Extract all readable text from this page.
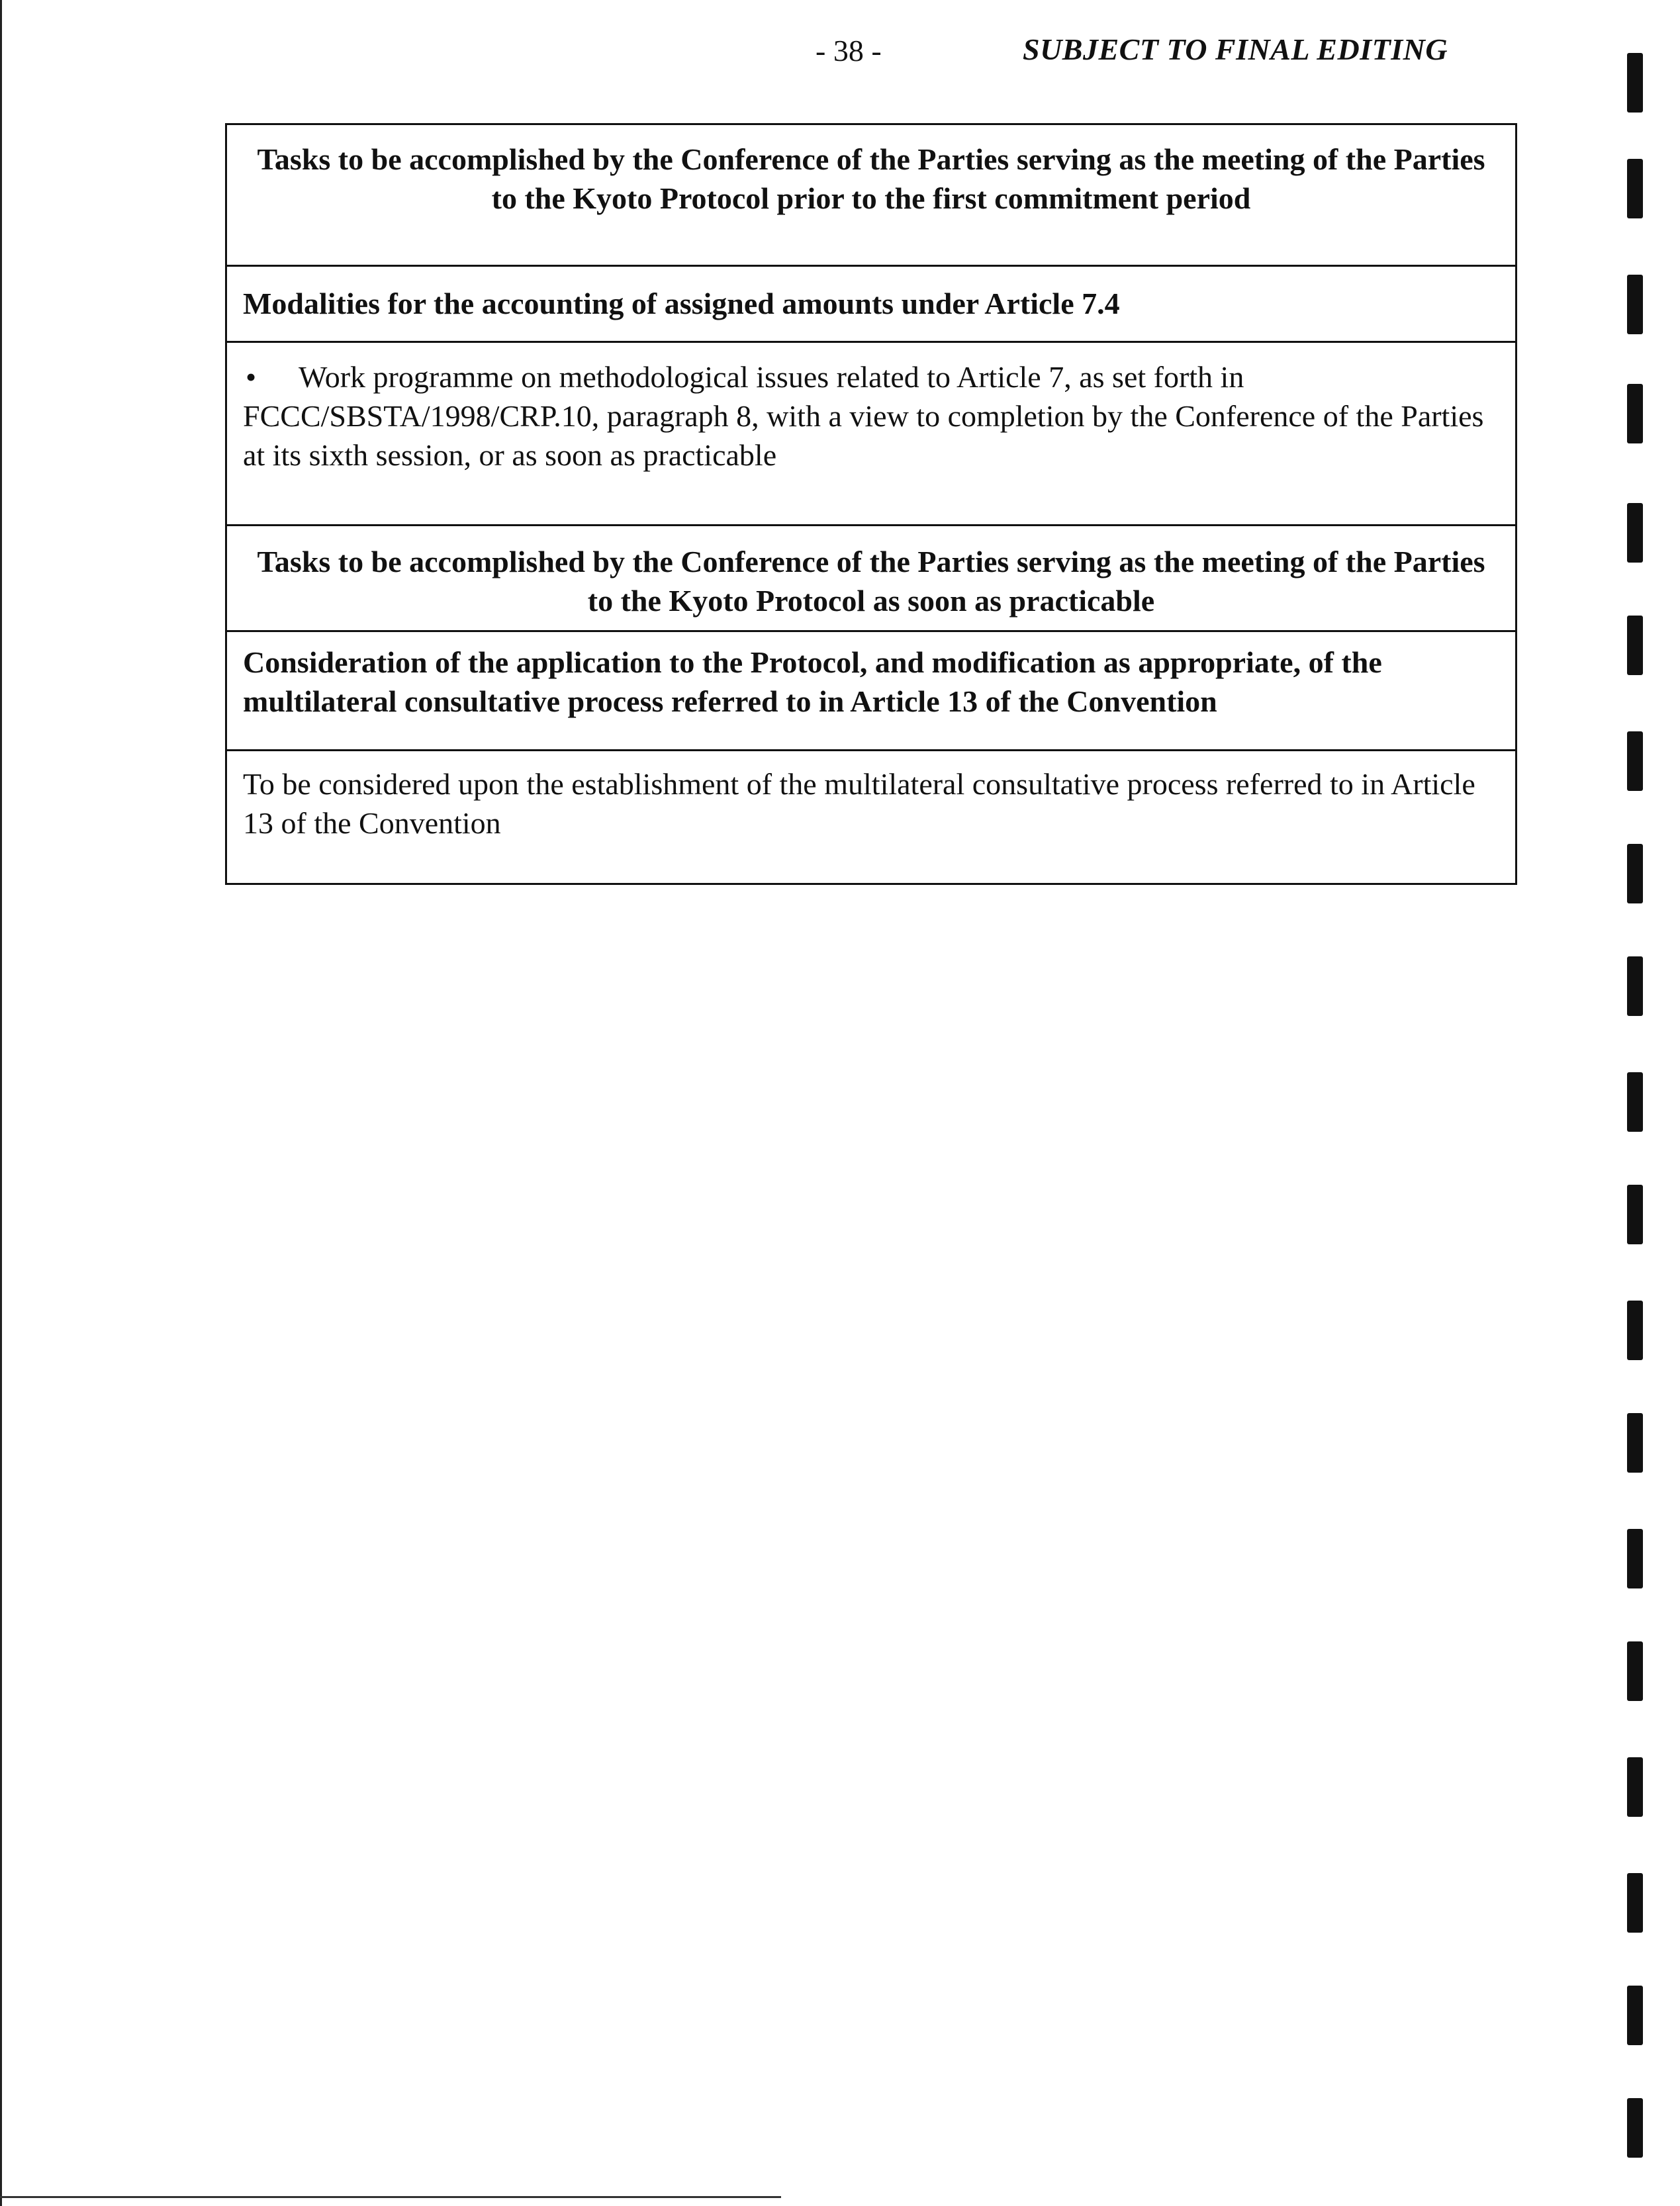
- 38 -	SUBJECT TO FINAL EDITING
Tasks to be accomplished by the Conference of the Parties serving as the meeting of the Parties to the Kyoto Protocol prior to the first commitment period
Modalities for the accounting of assigned amounts under Article 7.4
• Work programme on methodological issues related to Article 7, as set forth in FCCC/SBSTA/1998/CRP.10, paragraph 8, with a view to completion by the Conference of the Parties at its sixth session, or as soon as practicable
Tasks to be accomplished by the Conference of the Parties serving as the meeting of the Parties to the Kyoto Protocol as soon as practicable
Consideration of the application to the Protocol, and modification as appropriate, of the multilateral consultative process referred to in Article 13 of the Convention
To be considered upon the establishment of the multilateral consultative process referred to in Article 13 of the Convention
